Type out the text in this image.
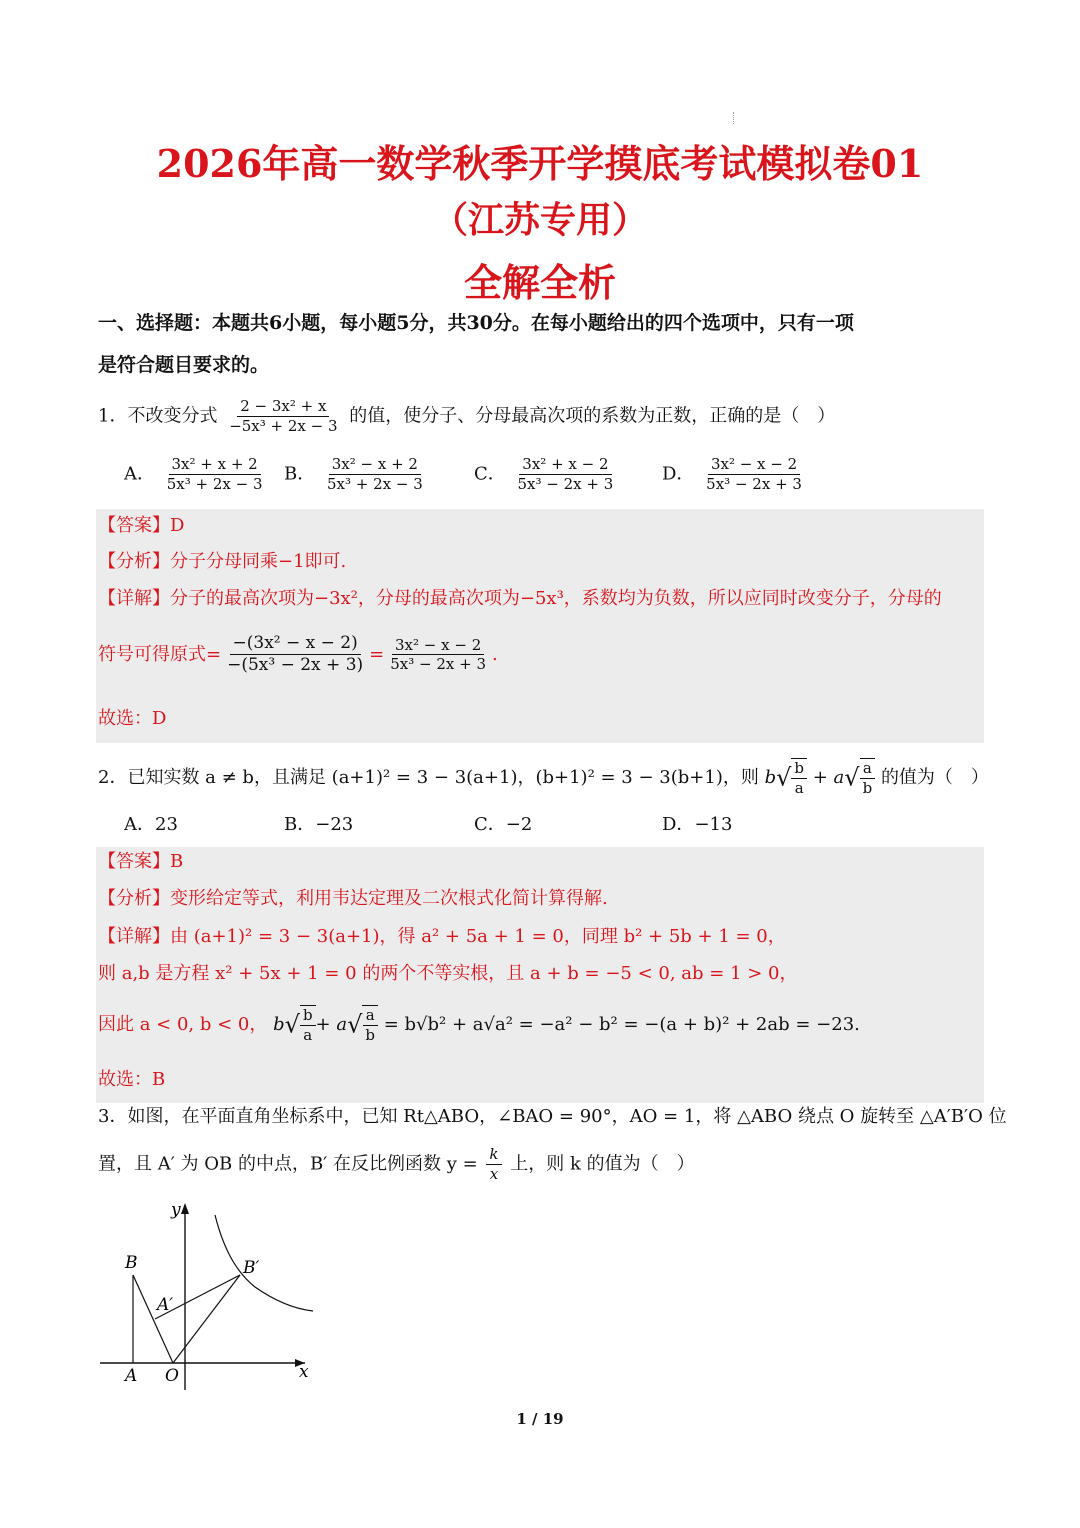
2026年高一数学秋季开学摸底考试模拟卷01
（江苏专用）
全解全析
一、选择题：本题共6小题，每小题5分，共30分。在每小题给出的四个选项中，只有一项
是符合题目要求的。
1．不改变分式 $\frac{\text{2 − 3x² + x}}{\text{−5x³ + 2x − 3}}$ 的值，使分子、分母最高次项的系数为正数，正确的是（　）
A． $\frac{\text{3x² + x + 2}}{\text{5x³ + 2x − 3}}$ B． $\frac{\text{3x² − x + 2}}{\text{5x³ + 2x − 3}}$	C． $\frac{\text{3x² + x − 2}}{\text{5x³ − 2x + 3}}$	D． $\frac{\text{3x² − x − 2}}{\text{5x³ − 2x + 3}}$
【答案】D
【分析】分子分母同乘−1即可.
【详解】分子的最高次项为−3x²，分母的最高次项为−5x³，系数均为负数，所以应同时改变分子，分母的
符号可得原式= $\frac{\text{−(3x² − x − 2)}}{\text{−(5x³ − 2x + 3)}} = \frac{\text{3x² − x − 2}}{\text{5x³ − 2x + 3}}$ .
故选：D
2．已知实数 a ≠ b，且满足 (a+1)² = 3 − 3(a+1)，(b+1)² = 3 − 3(b+1)，则 $b√ \frac{b}{a} + a√ \frac{a}{b}$ 的值为（　）
A．23	B．−23	C．−2	D．−13
【答案】B
【分析】变形给定等式，利用韦达定理及二次根式化简计算得解.
【详解】由 (a+1)² = 3 − 3(a+1)，得 a² + 5a + 1 = 0，同理 b² + 5b + 1 = 0，
则 a,b 是方程 x² + 5x + 1 = 0 的两个不等实根，且 a + b = −5 < 0, ab = 1 > 0，
因此 a < 0, b < 0， $b√ \frac{b}{a} + a√ \frac{a}{b} = b√b^2 + a√a^2 = -a^2 - b^2 = -(a + b)^2 + 2ab = -23$.
故选：B
3．如图，在平面直角坐标系中，已知 Rt△ABO，∠BAO = 90°，AO = 1，将 △ABO 绕点 O 旋转至 △A′B′O 位
置，且 A′ 为 OB 的中点，B′ 在反比例函数 $y = \frac{k}{x}$ 上，则 k 的值为（　）
y
x
B	B′
A′
A O
1 / 19
